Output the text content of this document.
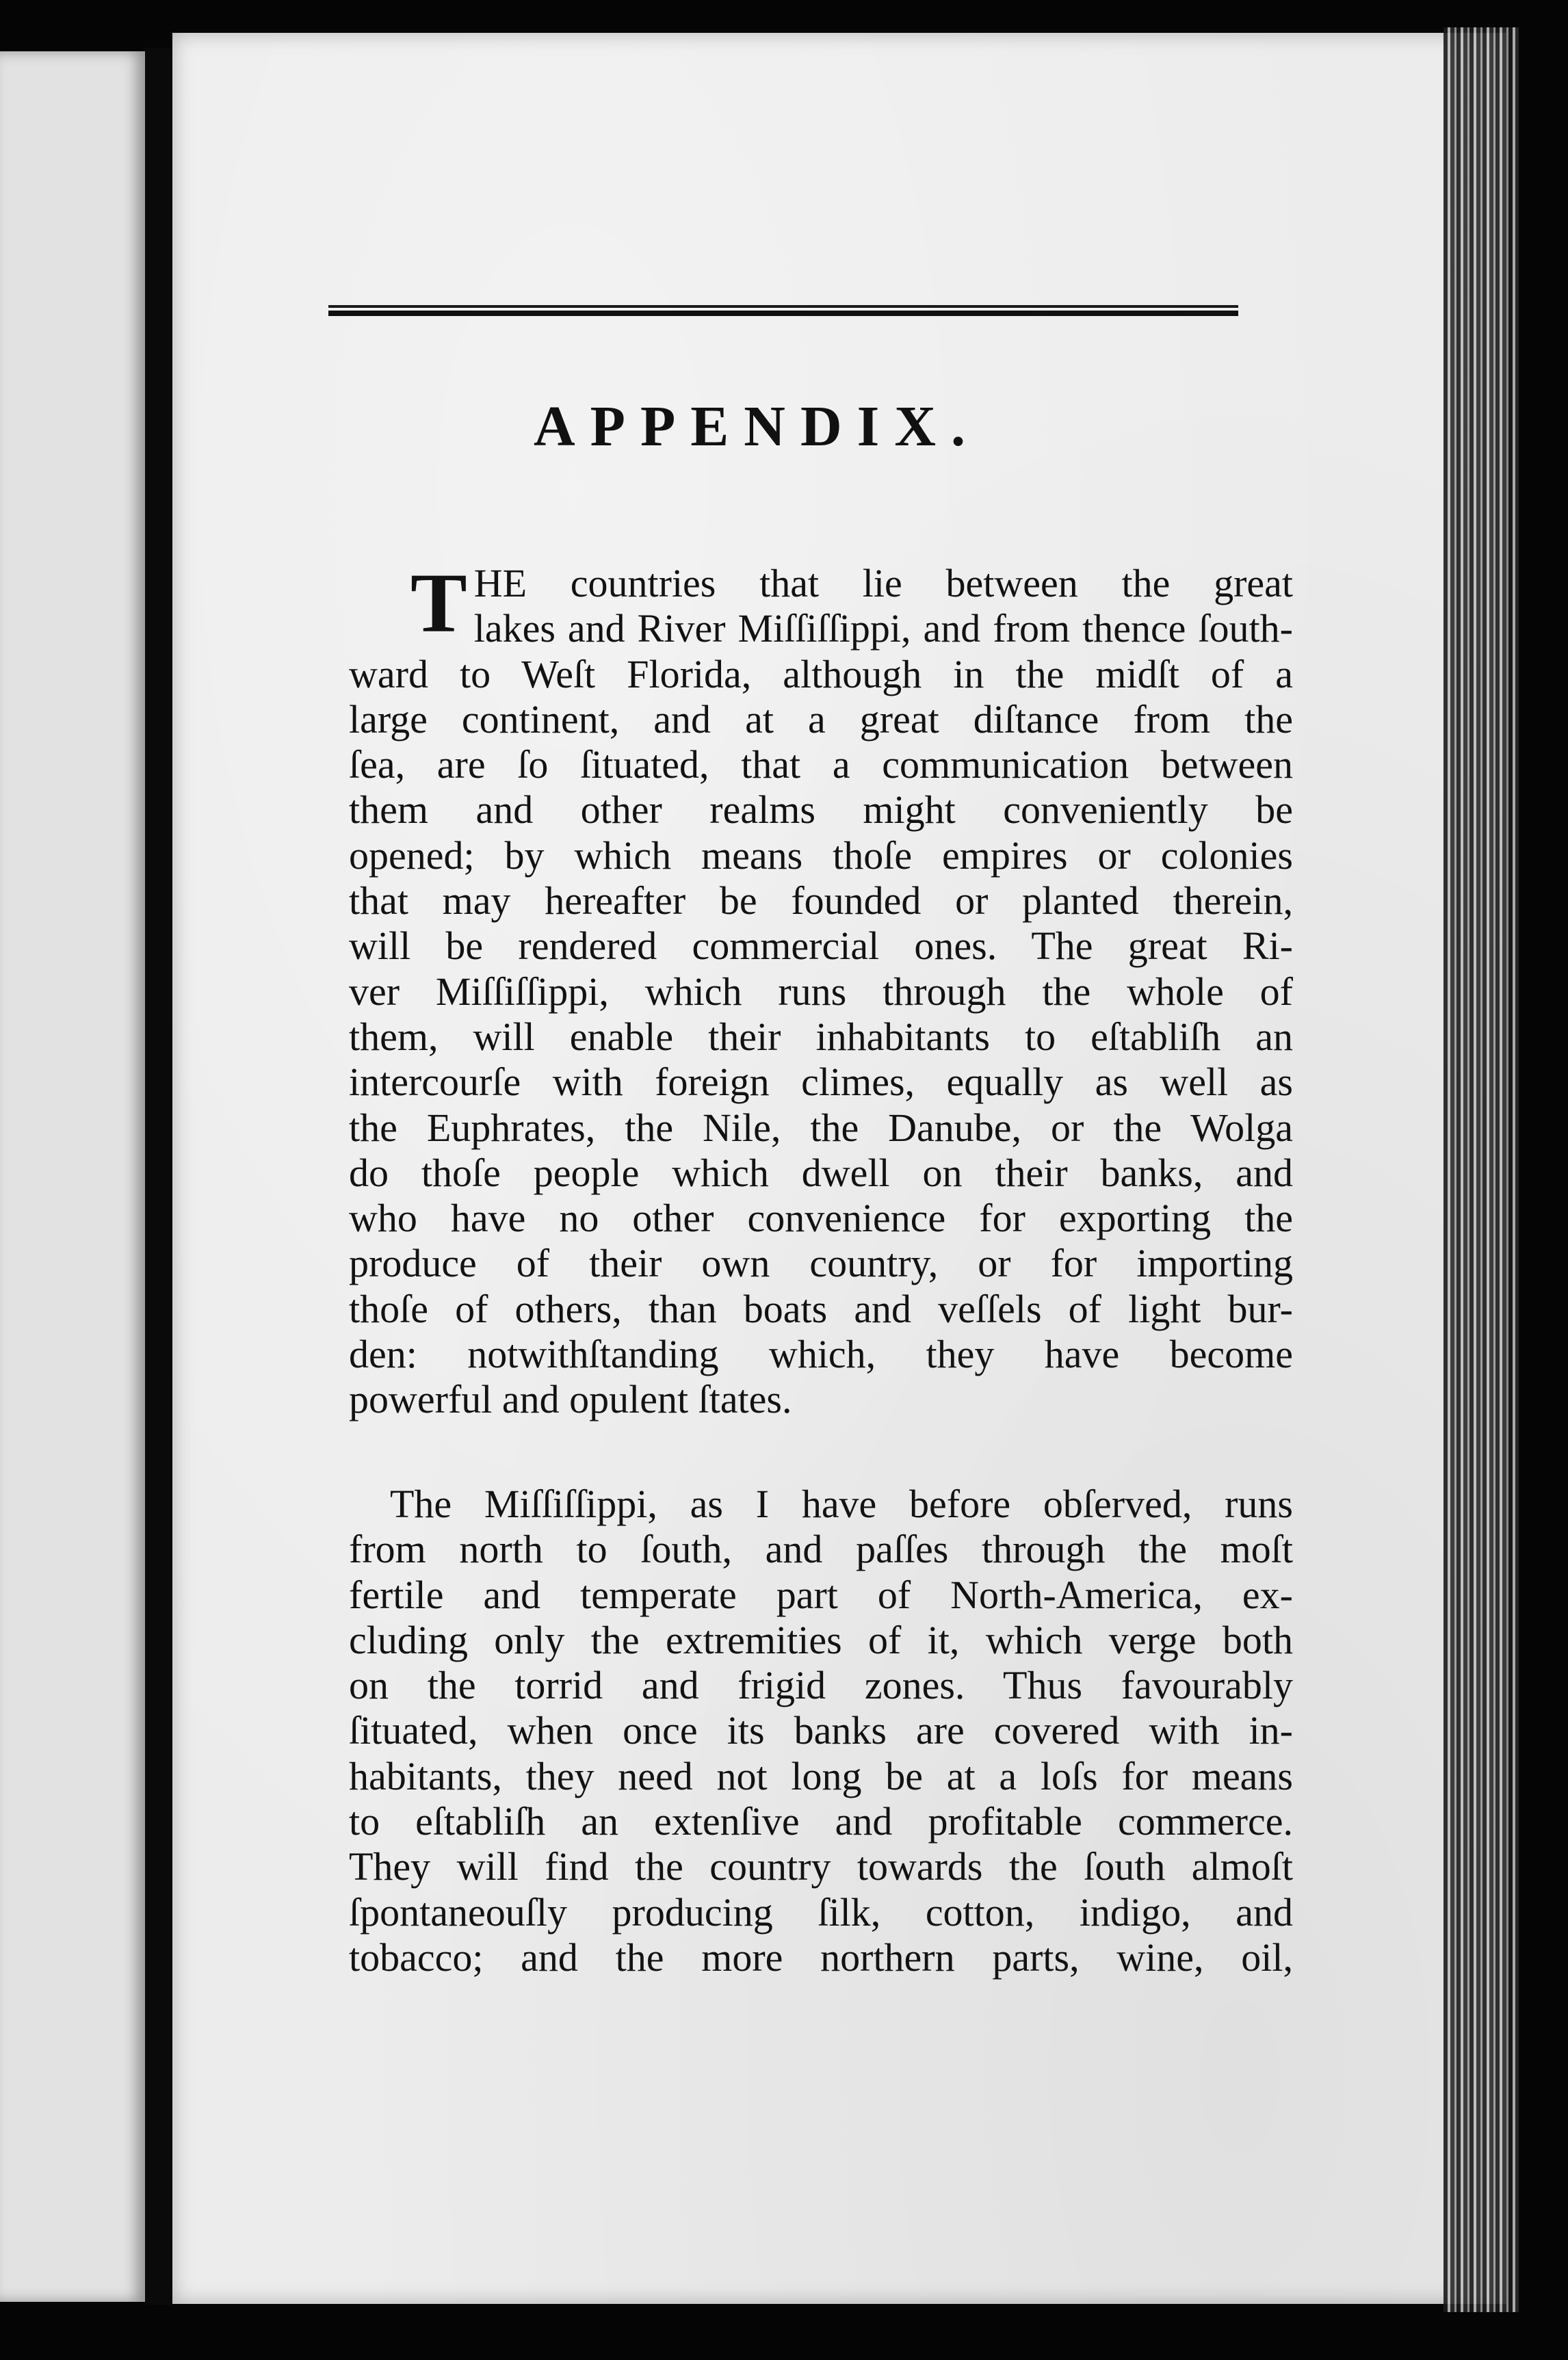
APPENDIX.
T HE countries that lie between the great
lakes and River Miſſiſſippi, and from thence ſouth-
ward to Weſt Florida, although in the midſt of a
large continent, and at a great diſtance from the
ſea, are ſo ſituated, that a communication between
them and other realms might conveniently be
opened; by which means thoſe empires or colonies
that may hereafter be founded or planted therein,
will be rendered commercial ones. The great Ri-
ver Miſſiſſippi, which runs through the whole of
them, will enable their inhabitants to eſtabliſh an
intercourſe with foreign climes, equally as well as
the Euphrates, the Nile, the Danube, or the Wolga
do thoſe people which dwell on their banks, and
who have no other convenience for exporting the
produce of their own country, or for importing
thoſe of others, than boats and veſſels of light bur-
den: notwithſtanding which, they have become
powerful and opulent ſtates.
The Miſſiſſippi, as I have before obſerved, runs
from north to ſouth, and paſſes through the moſt
fertile and temperate part of North-America, ex-
cluding only the extremities of it, which verge both
on the torrid and frigid zones. Thus favourably
ſituated, when once its banks are covered with in-
habitants, they need not long be at a loſs for means
to eſtabliſh an extenſive and profitable commerce.
They will find the country towards the ſouth almoſt
ſpontaneouſly producing ſilk, cotton, indigo, and
tobacco; and the more northern parts, wine, oil,
